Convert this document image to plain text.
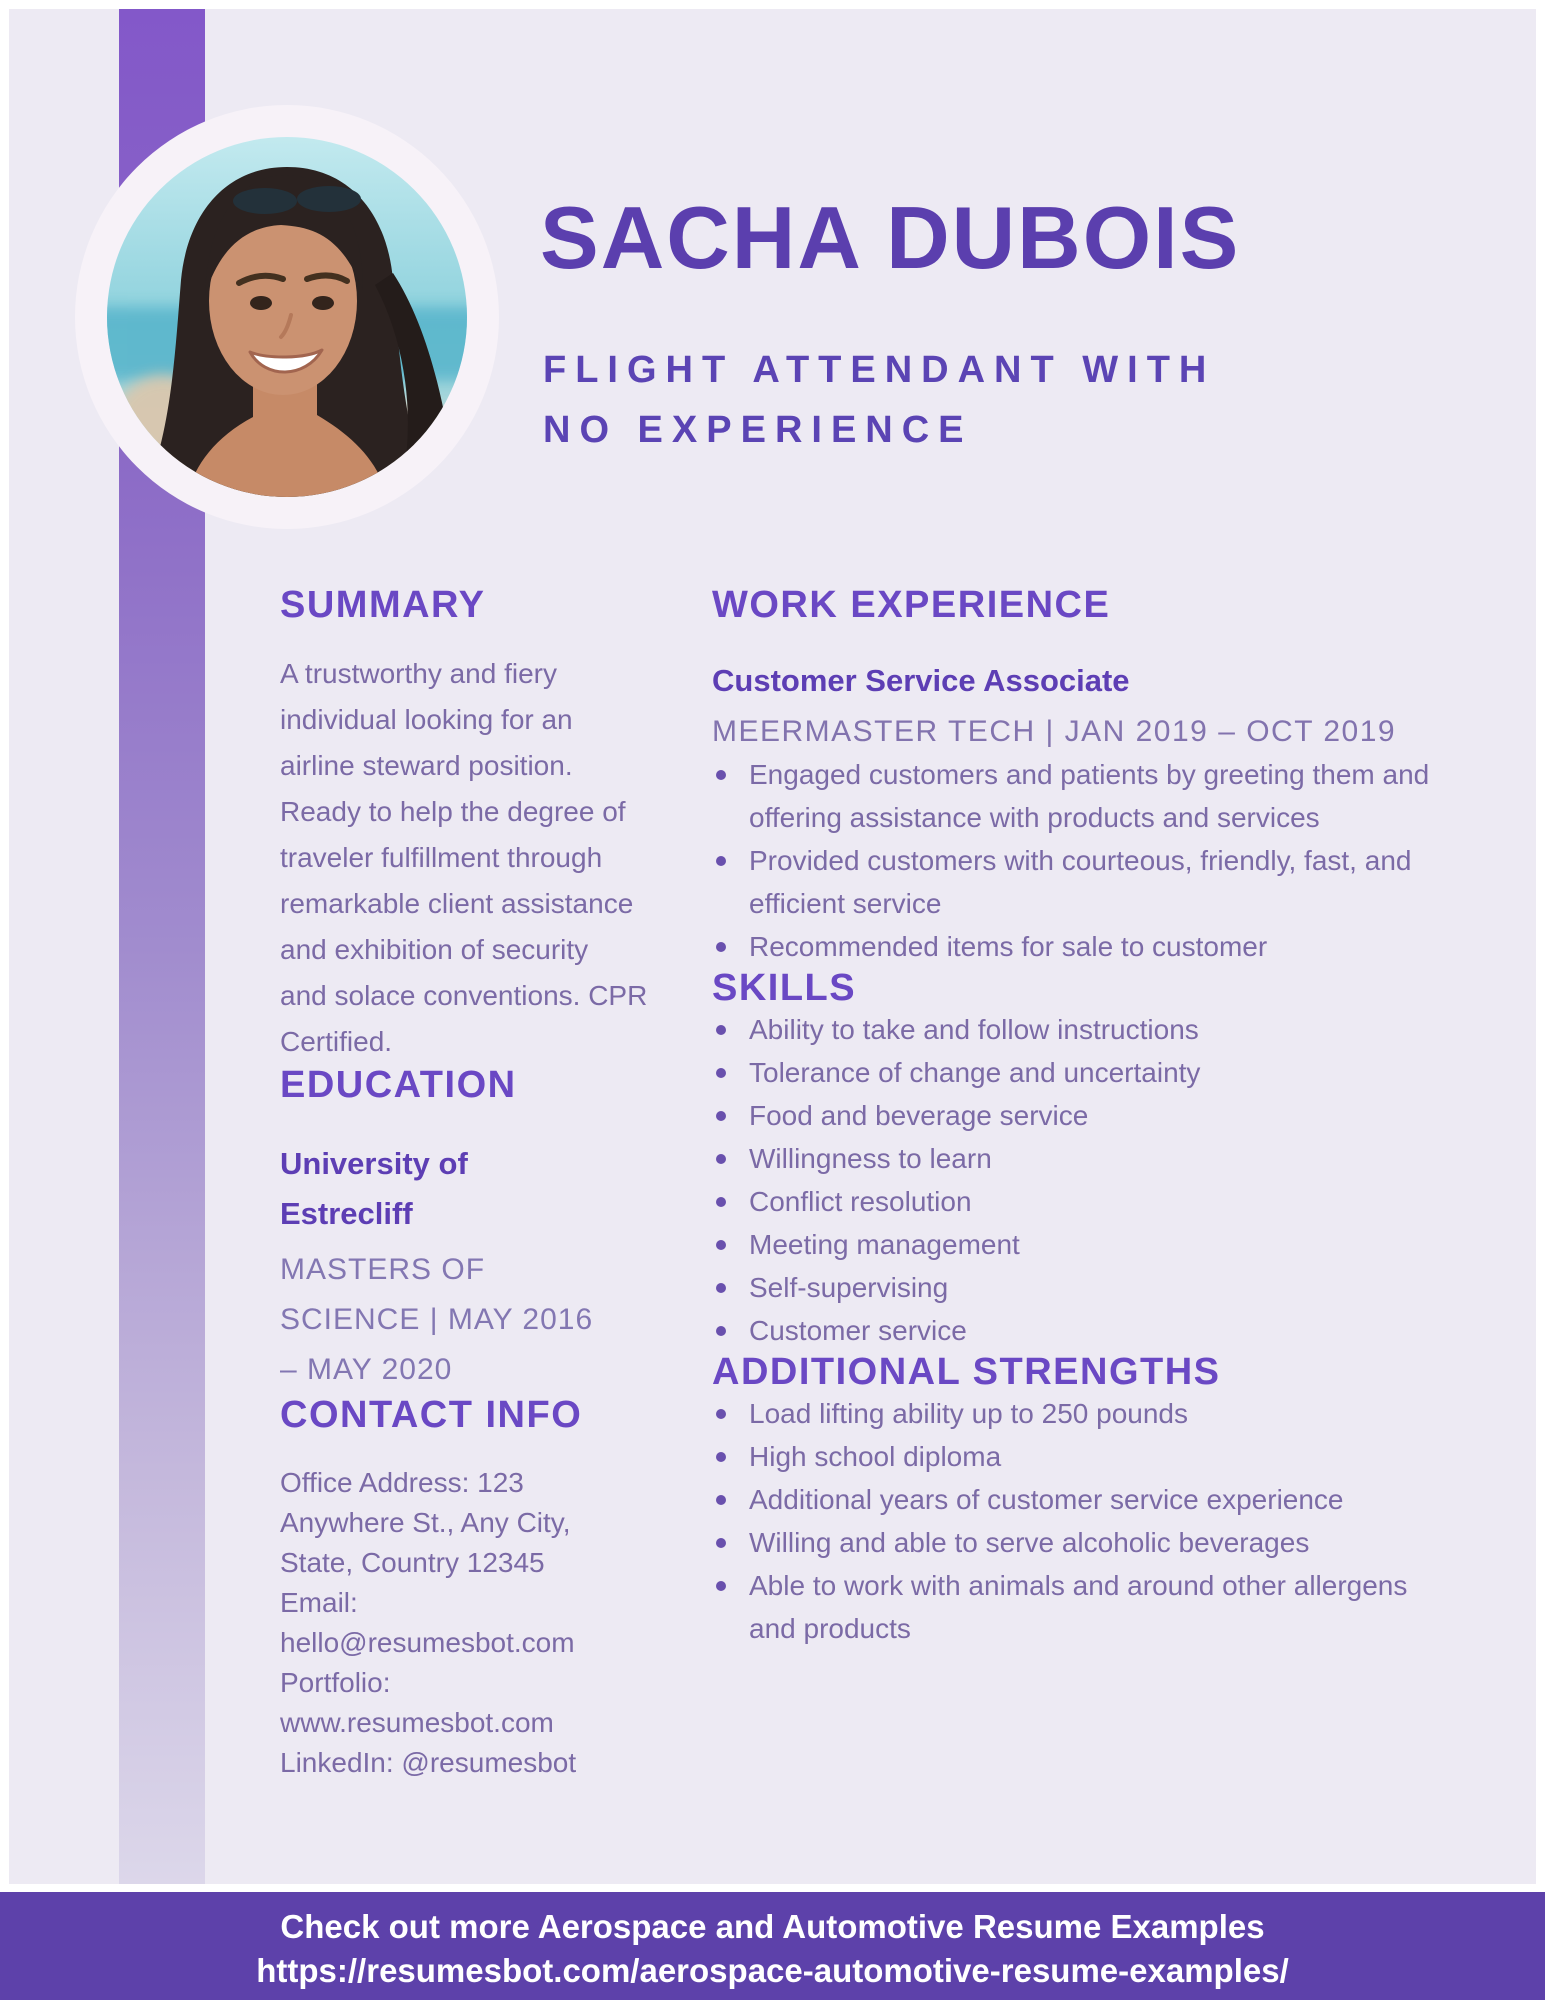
SACHA DUBOIS
FLIGHT ATTENDANT WITH NO EXPERIENCE
SUMMARY
A trustworthy and fiery
individual looking for an
airline steward position.
Ready to help the degree of
traveler fulfillment through
remarkable client assistance
and exhibition of security
and solace conventions. CPR
Certified.
EDUCATION
University of
Estrecliff
MASTERS OF
SCIENCE | MAY 2016
– MAY 2020
CONTACT INFO
Office Address: 123
Anywhere St., Any City,
State, Country 12345
Email: hello@resumesbot.com
Portfolio:
www.resumesbot.com
LinkedIn: @resumesbot
WORK EXPERIENCE
Customer Service Associate
MEERMASTER TECH | JAN 2019 – OCT 2019
Engaged customers and patients by greeting them and offering assistance with products and services
Provided customers with courteous, friendly, fast, and efficient service
Recommended items for sale to customer
SKILLS
Ability to take and follow instructions
Tolerance of change and uncertainty
Food and beverage service
Willingness to learn
Conflict resolution
Meeting management
Self-supervising
Customer service
ADDITIONAL STRENGTHS
Load lifting ability up to 250 pounds
High school diploma
Additional years of customer service experience
Willing and able to serve alcoholic beverages
Able to work with animals and around other allergens and products
Check out more Aerospace and Automotive Resume Examples
https://resumesbot.com/aerospace-automotive-resume-examples/
